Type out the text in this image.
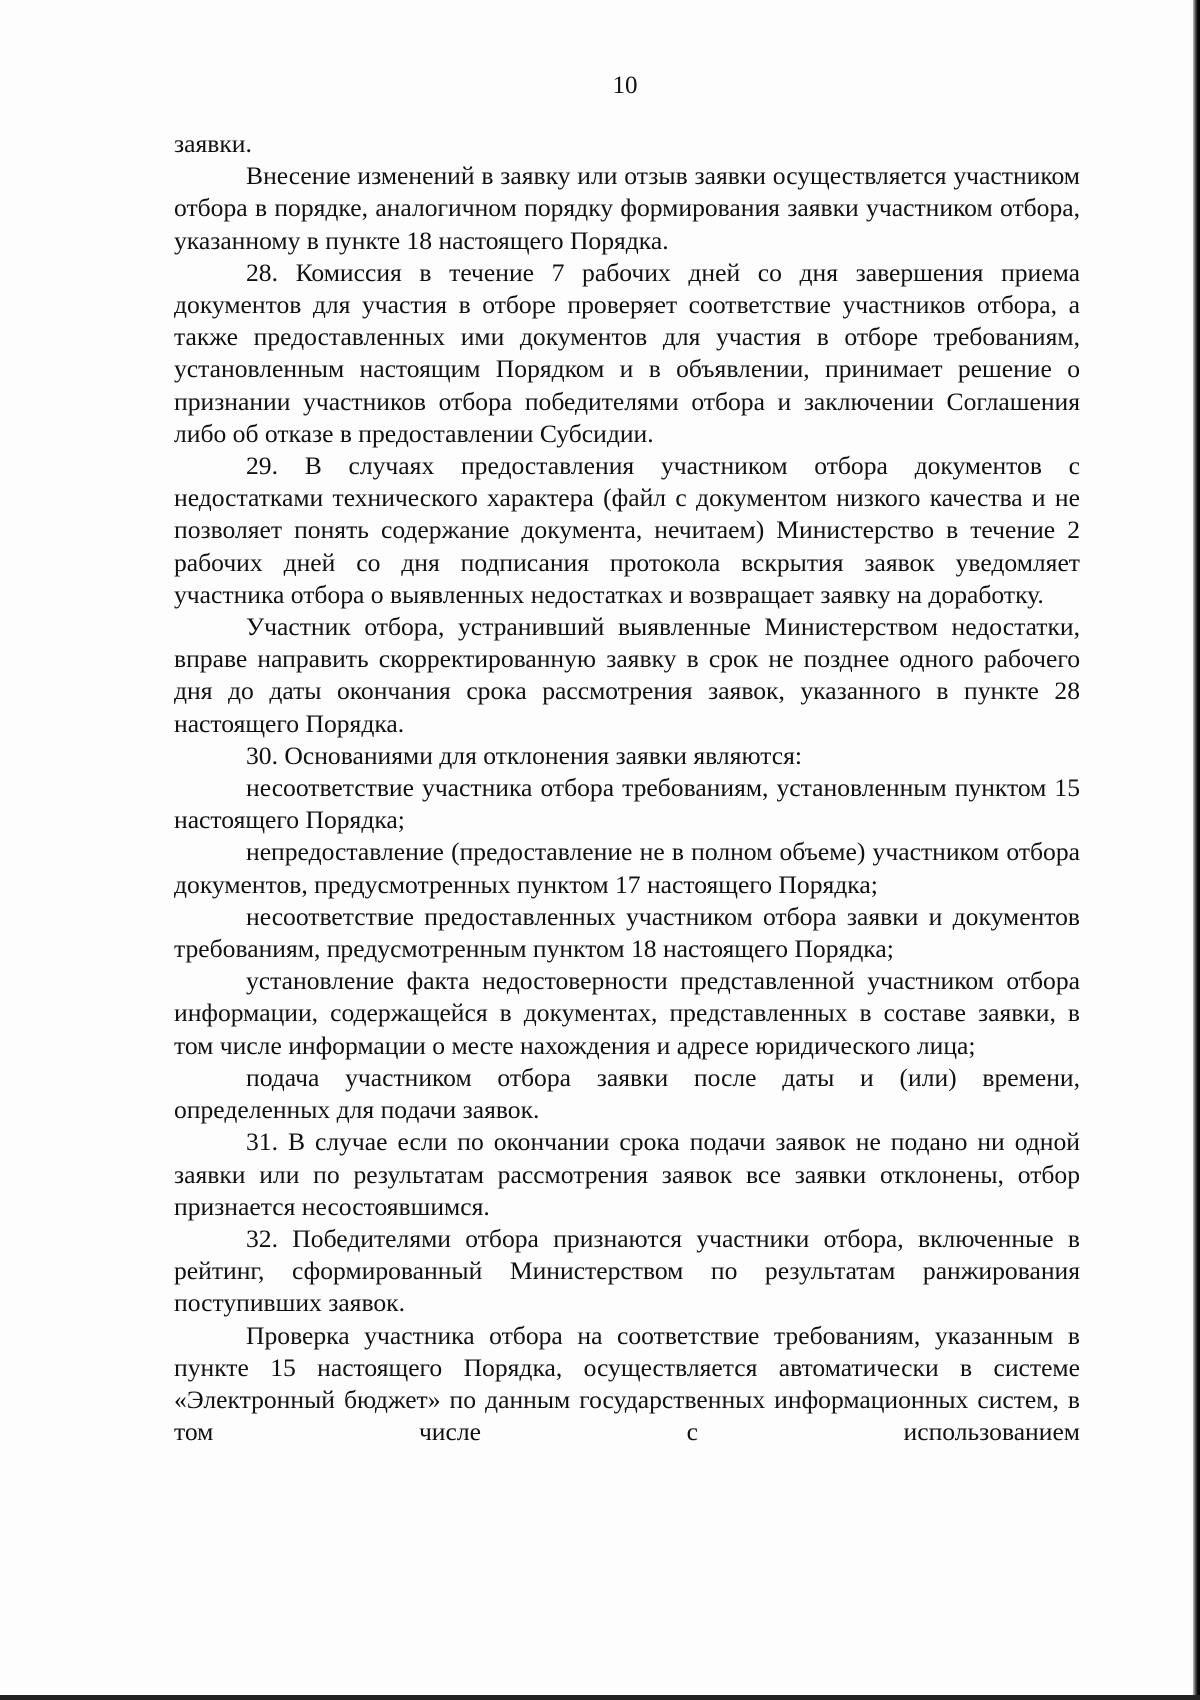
10

заявки.

Внесение изменений в заявку или отзыв заявки осуществляется участником отбора в порядке, аналогичном порядку формирования заявки участником отбора, указанному в пункте 18 настоящего Порядка.

28. Комиссия в течение 7 рабочих дней со дня завершения приема документов для участия в отборе проверяет соответствие участников отбора, а также предоставленных ими документов для участия в отборе требованиям, установленным настоящим Порядком и в объявлении, принимает решение о признании участников отбора победителями отбора и заключении Соглашения либо об отказе в предоставлении Субсидии.

29. В случаях предоставления участником отбора документов с недостатками технического характера (файл с документом низкого качества и не позволяет понять содержание документа, нечитаем) Министерство в течение 2 рабочих дней со дня подписания протокола вскрытия заявок уведомляет участника отбора о выявленных недостатках и возвращает заявку на доработку.

Участник отбора, устранивший выявленные Министерством недостатки, вправе направить скорректированную заявку в срок не позднее одного рабочего дня до даты окончания срока рассмотрения заявок, указанного в пункте 28 настоящего Порядка.

30. Основаниями для отклонения заявки являются:

несоответствие участника отбора требованиям, установленным пунктом 15 настоящего Порядка;

непредоставление (предоставление не в полном объеме) участником отбора документов, предусмотренных пунктом 17 настоящего Порядка;

несоответствие предоставленных участником отбора заявки и документов требованиям, предусмотренным пунктом 18 настоящего Порядка;

установление факта недостоверности представленной участником отбора информации, содержащейся в документах, представленных в составе заявки, в том числе информации о месте нахождения и адресе юридического лица;

подача участником отбора заявки после даты и (или) времени, определенных для подачи заявок.

31. В случае если по окончании срока подачи заявок не подано ни одной заявки или по результатам рассмотрения заявок все заявки отклонены, отбор признается несостоявшимся.

32. Победителями отбора признаются участники отбора, включенные в рейтинг, сформированный Министерством по результатам ранжирования поступивших заявок.

Проверка участника отбора на соответствие требованиям, указанным в пункте 15 настоящего Порядка, осуществляется автоматически в системе «Электронный бюджет» по данным государственных информационных систем, в том числе с использованием
